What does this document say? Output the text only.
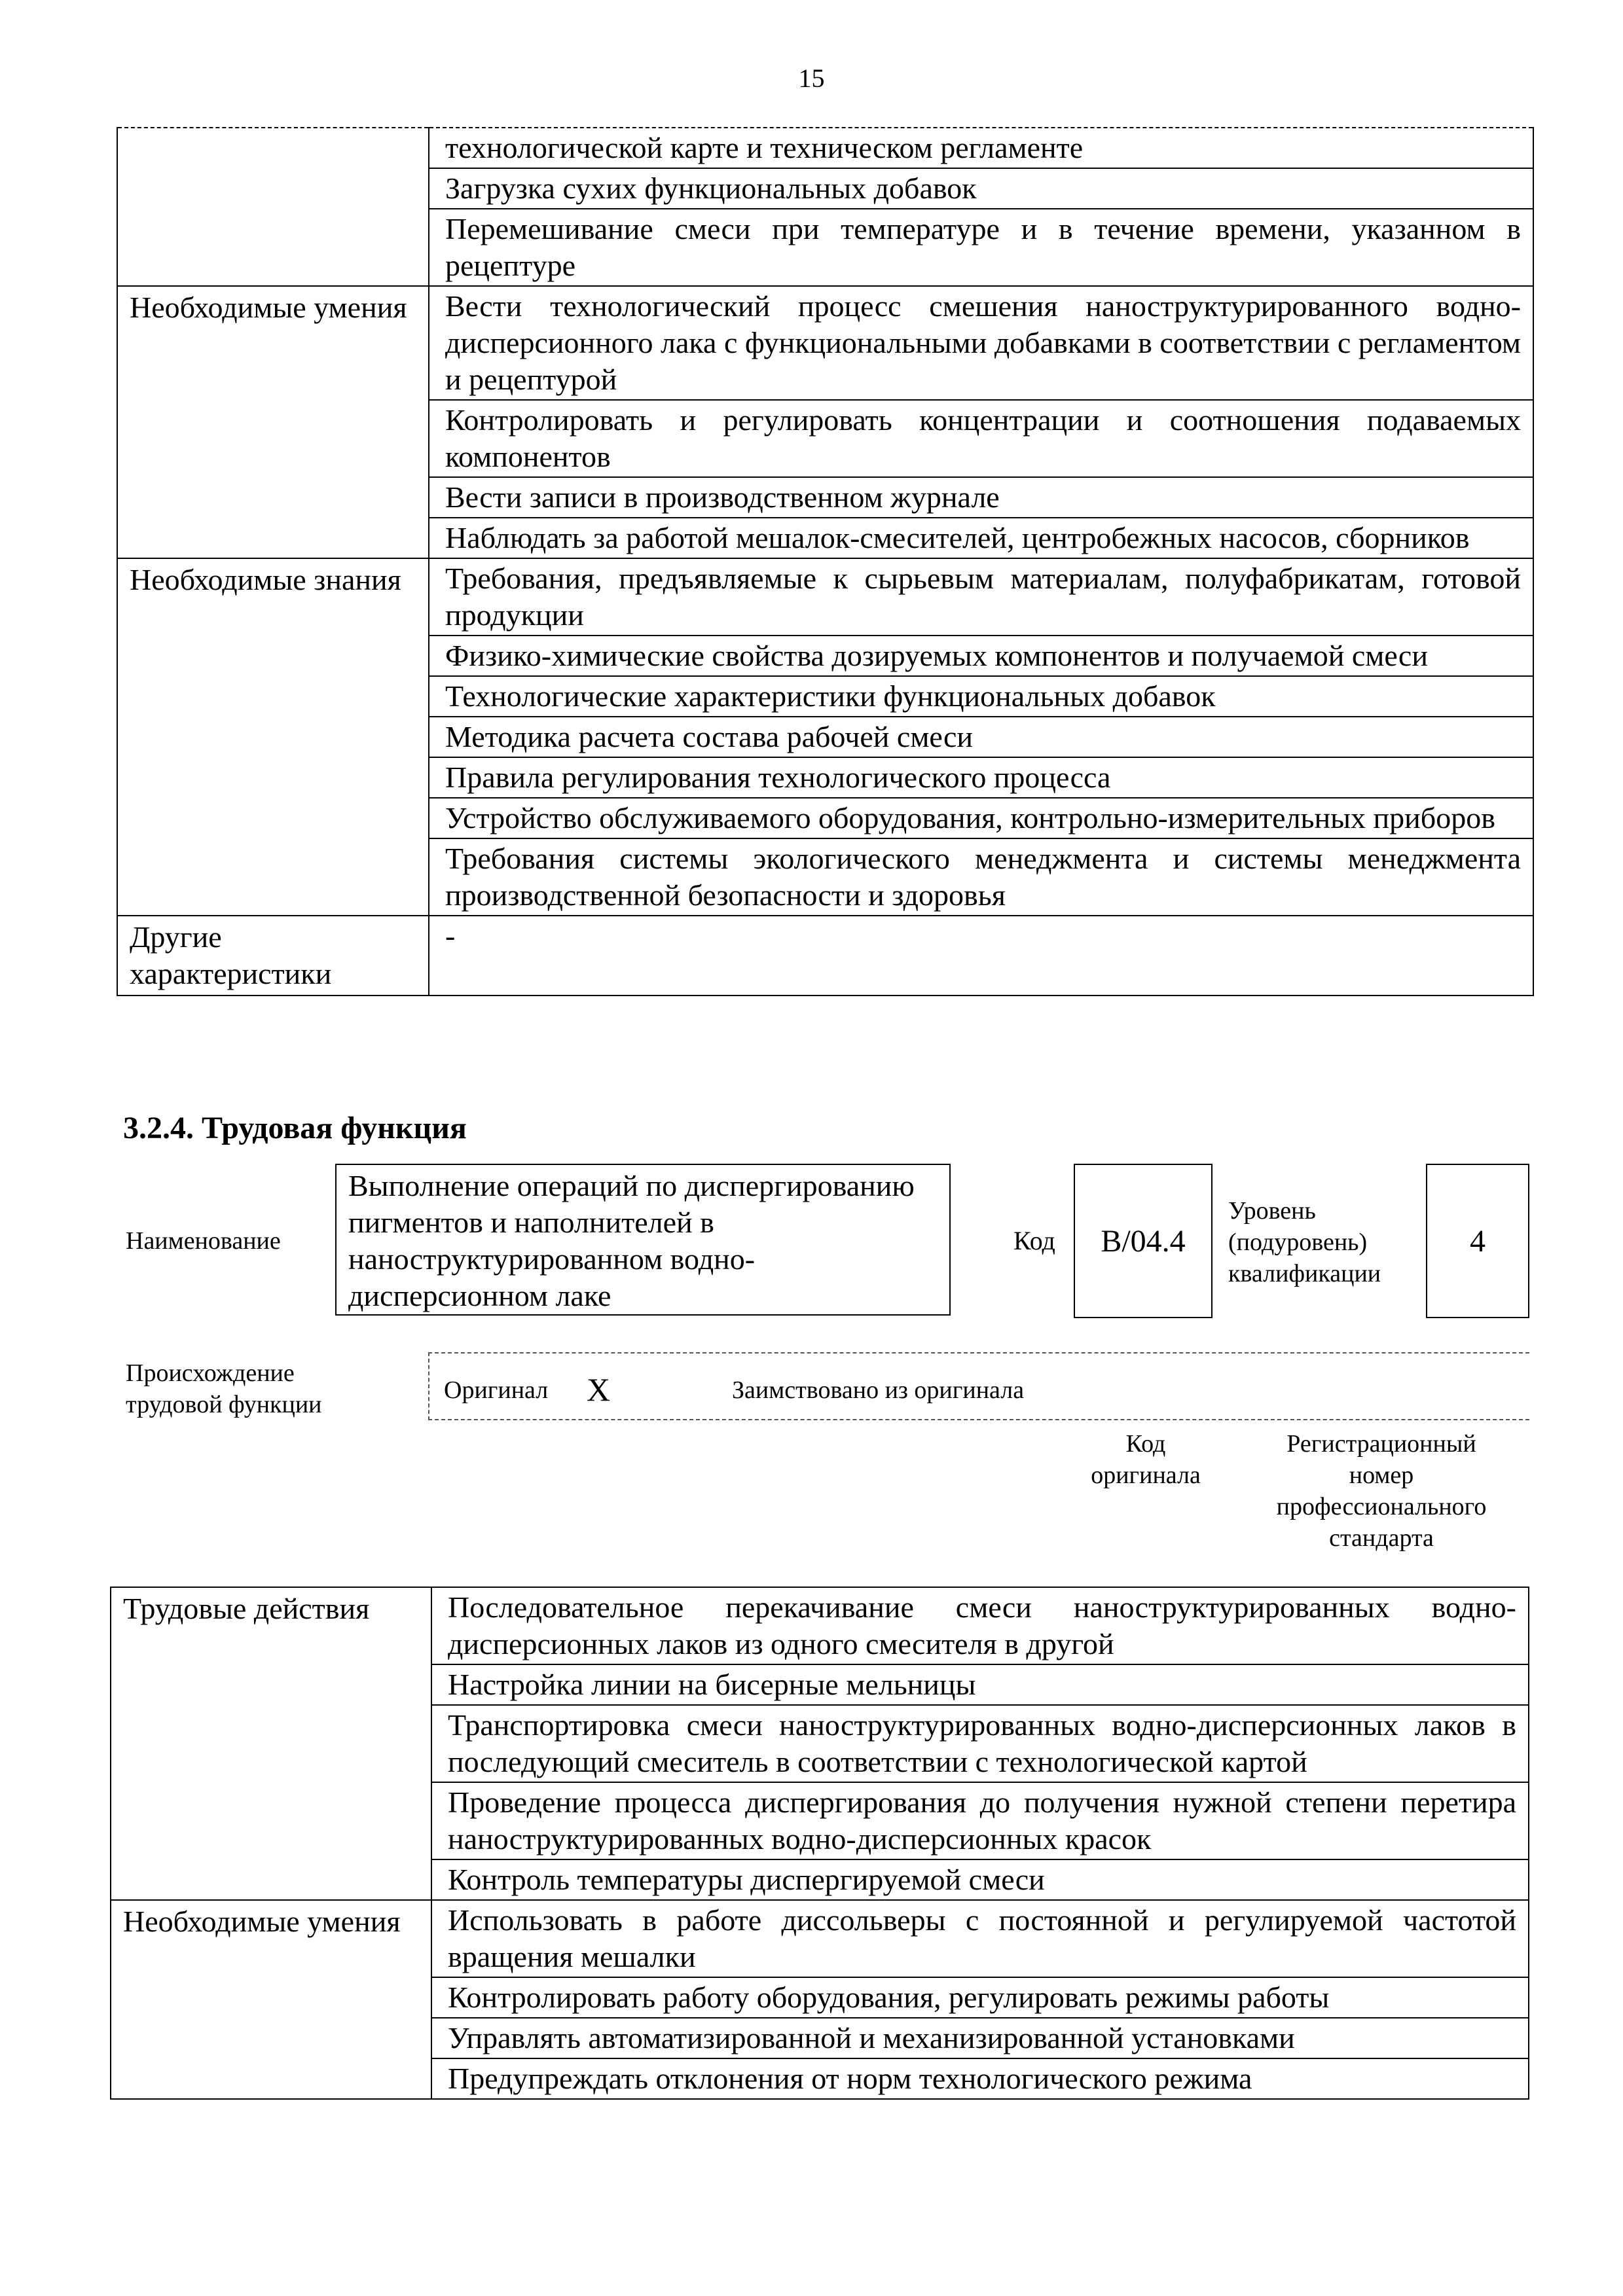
15
	технологической карте и техническом регламенте
	Загрузка сухих функциональных добавок
	Перемешивание смеси при температуре и в течение времени, указанном в рецептуре
Необходимые умения	Вести технологический процесс смешения наноструктурированного водно-дисперсионного лака с функциональными добавками в соответствии с регламентом и рецептурой
	Контролировать и регулировать концентрации и соотношения подаваемых компонентов
	Вести записи в производственном журнале
	Наблюдать за работой мешалок-смесителей, центробежных насосов, сборников
Необходимые знания	Требования, предъявляемые к сырьевым материалам, полуфабрикатам, готовой продукции
	Физико-химические свойства дозируемых компонентов и получаемой смеси
	Технологические характеристики функциональных добавок
	Методика расчета состава рабочей смеси
	Правила регулирования технологического процесса
	Устройство обслуживаемого оборудования, контрольно-измерительных приборов
	Требования системы экологического менеджмента и системы менеджмента производственной безопасности и здоровья
Другие характеристики	-
3.2.4. Трудовая функция
Наименование
Выполнение операций по диспергированию пигментов и наполнителей в наноструктурированном водно-дисперсионном лаке
Код B/04.4
Уровень (подуровень) квалификации
4
Происхождение трудовой функции
Оригинал X	Заимствовано из оригинала
Код оригинала
Регистрационный номер профессионального стандарта
Трудовые действия	Последовательное перекачивание смеси наноструктурированных водно-дисперсионных лаков из одного смесителя в другой
	Настройка линии на бисерные мельницы
	Транспортировка смеси наноструктурированных водно-дисперсионных лаков в последующий смеситель в соответствии с технологической картой
	Проведение процесса диспергирования до получения нужной степени перетира наноструктурированных водно-дисперсионных красок
	Контроль температуры диспергируемой смеси
Необходимые умения	Использовать в работе диссольверы с постоянной и регулируемой частотой вращения мешалки
	Контролировать работу оборудования, регулировать режимы работы
	Управлять автоматизированной и механизированной установками
	Предупреждать отклонения от норм технологического режима
